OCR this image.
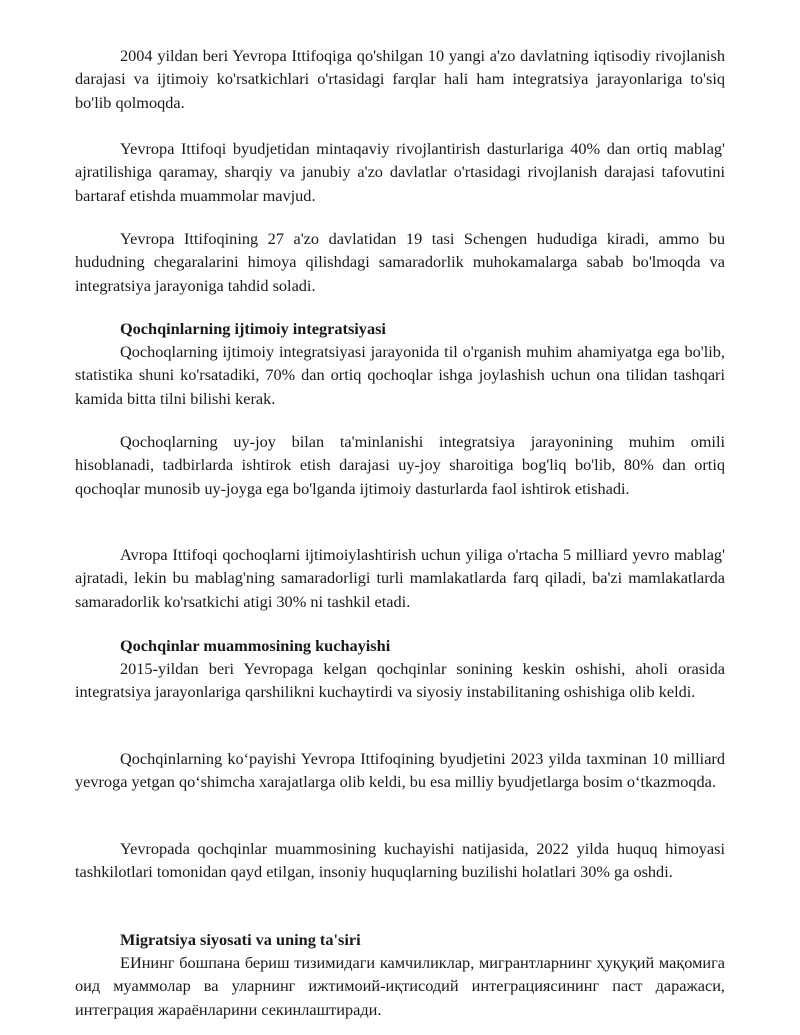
2004 yildan beri Yevropa Ittifoqiga qo'shilgan 10 yangi a'zo davlatning iqtisodiy rivojlanish darajasi va ijtimoiy ko'rsatkichlari o'rtasidagi farqlar hali ham integratsiya jarayonlariga to'siq bo'lib qolmoqda.

Yevropa Ittifoqi byudjetidan mintaqaviy rivojlantirish dasturlariga 40% dan ortiq mablag' ajratilishiga qaramay, sharqiy va janubiy a'zo davlatlar o'rtasidagi rivojlanish darajasi tafovutini bartaraf etishda muammolar mavjud.

Yevropa Ittifoqining 27 a'zo davlatidan 19 tasi Schengen hududiga kiradi, ammo bu hududning chegaralarini himoya qilishdagi samaradorlik muhokamalarga sabab bo'lmoqda va integratsiya jarayoniga tahdid soladi.

Qochqinlarning ijtimoiy integratsiyasi

Qochoqlarning ijtimoiy integratsiyasi jarayonida til o'rganish muhim ahamiyatga ega bo'lib, statistika shuni ko'rsatadiki, 70% dan ortiq qochoqlar ishga joylashish uchun ona tilidan tashqari kamida bitta tilni bilishi kerak.

Qochoqlarning uy-joy bilan ta'minlanishi integratsiya jarayonining muhim omili hisoblanadi, tadbirlarda ishtirok etish darajasi uy-joy sharoitiga bog'liq bo'lib, 80% dan ortiq qochoqlar munosib uy-joyga ega bo'lganda ijtimoiy dasturlarda faol ishtirok etishadi.

Avropa Ittifoqi qochoqlarni ijtimoiylashtirish uchun yiliga o'rtacha 5 milliard yevro mablag' ajratadi, lekin bu mablag'ning samaradorligi turli mamlakatlarda farq qiladi, ba'zi mamlakatlarda samaradorlik ko'rsatkichi atigi 30% ni tashkil etadi.

Qochqinlar muammosining kuchayishi

2015-yildan beri Yevropaga kelgan qochqinlar sonining keskin oshishi, aholi orasida integratsiya jarayonlariga qarshilikni kuchaytirdi va siyosiy instabilitaning oshishiga olib keldi.

Qochqinlarning ko‘payishi Yevropa Ittifoqining byudjetini 2023 yilda taxminan 10 milliard yevroga yetgan qo‘shimcha xarajatlarga olib keldi, bu esa milliy byudjetlarga bosim o‘tkazmoqda.

Yevropada qochqinlar muammosining kuchayishi natijasida, 2022 yilda huquq himoyasi tashkilotlari tomonidan qayd etilgan, insoniy huquqlarning buzilishi holatlari 30% ga oshdi.

Migratsiya siyosati va uning ta'siri

ЕИнинг бошпана бериш тизимидаги камчиликлар, мигрантларнинг ҳуқуқий мақомига оид муаммолар ва уларнинг ижтимоий-иқтисодий интеграциясининг паст даражаси, интеграция жараёнларини секинлаштиради.
